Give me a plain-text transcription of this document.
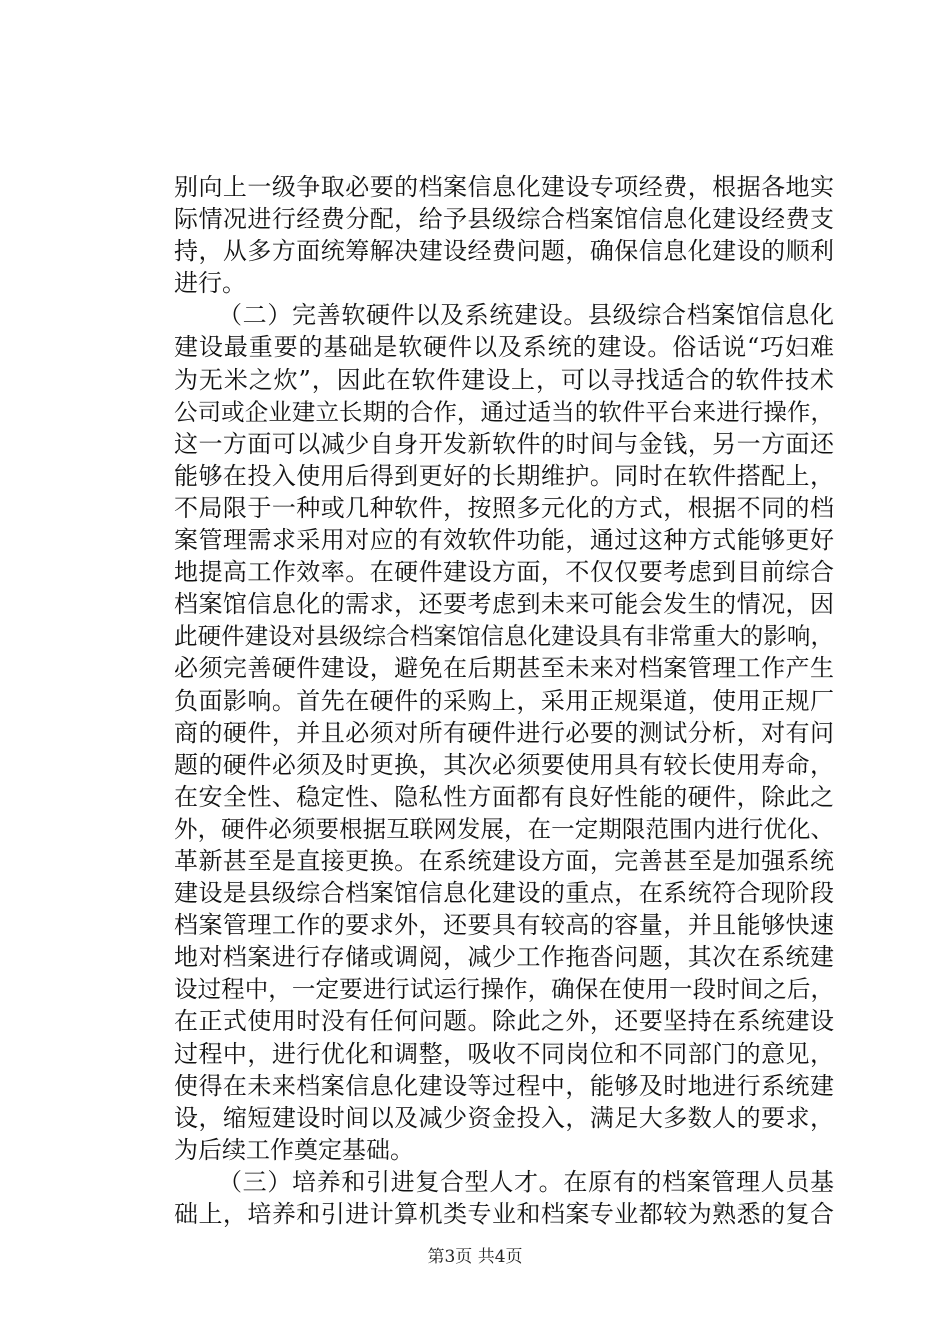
别向上一级争取必要的档案信息化建设专项经费，根据各地实
际情况进行经费分配，给予县级综合档案馆信息化建设经费支
持，从多方面统筹解决建设经费问题，确保信息化建设的顺利
进行。
（二）完善软硬件以及系统建设。县级综合档案馆信息化
建设最重要的基础是软硬件以及系统的建设。俗话说“巧妇难
为无米之炊”，因此在软件建设上，可以寻找适合的软件技术
公司或企业建立长期的合作，通过适当的软件平台来进行操作，
这一方面可以减少自身开发新软件的时间与金钱，另一方面还
能够在投入使用后得到更好的长期维护。同时在软件搭配上，
不局限于一种或几种软件，按照多元化的方式，根据不同的档
案管理需求采用对应的有效软件功能，通过这种方式能够更好
地提高工作效率。在硬件建设方面，不仅仅要考虑到目前综合
档案馆信息化的需求，还要考虑到未来可能会发生的情况，因
此硬件建设对县级综合档案馆信息化建设具有非常重大的影响，
必须完善硬件建设，避免在后期甚至未来对档案管理工作产生
负面影响。首先在硬件的采购上，采用正规渠道，使用正规厂
商的硬件，并且必须对所有硬件进行必要的测试分析，对有问
题的硬件必须及时更换，其次必须要使用具有较长使用寿命，
在安全性、稳定性、隐私性方面都有良好性能的硬件，除此之
外，硬件必须要根据互联网发展，在一定期限范围内进行优化、
革新甚至是直接更换。在系统建设方面，完善甚至是加强系统
建设是县级综合档案馆信息化建设的重点，在系统符合现阶段
档案管理工作的要求外，还要具有较高的容量，并且能够快速
地对档案进行存储或调阅，减少工作拖沓问题，其次在系统建
设过程中，一定要进行试运行操作，确保在使用一段时间之后，
在正式使用时没有任何问题。除此之外，还要坚持在系统建设
过程中，进行优化和调整，吸收不同岗位和不同部门的意见，
使得在未来档案信息化建设等过程中，能够及时地进行系统建
设，缩短建设时间以及减少资金投入，满足大多数人的要求，
为后续工作奠定基础。
（三）培养和引进复合型人才。在原有的档案管理人员基
础上，培养和引进计算机类专业和档案专业都较为熟悉的复合
第3页 共4页
